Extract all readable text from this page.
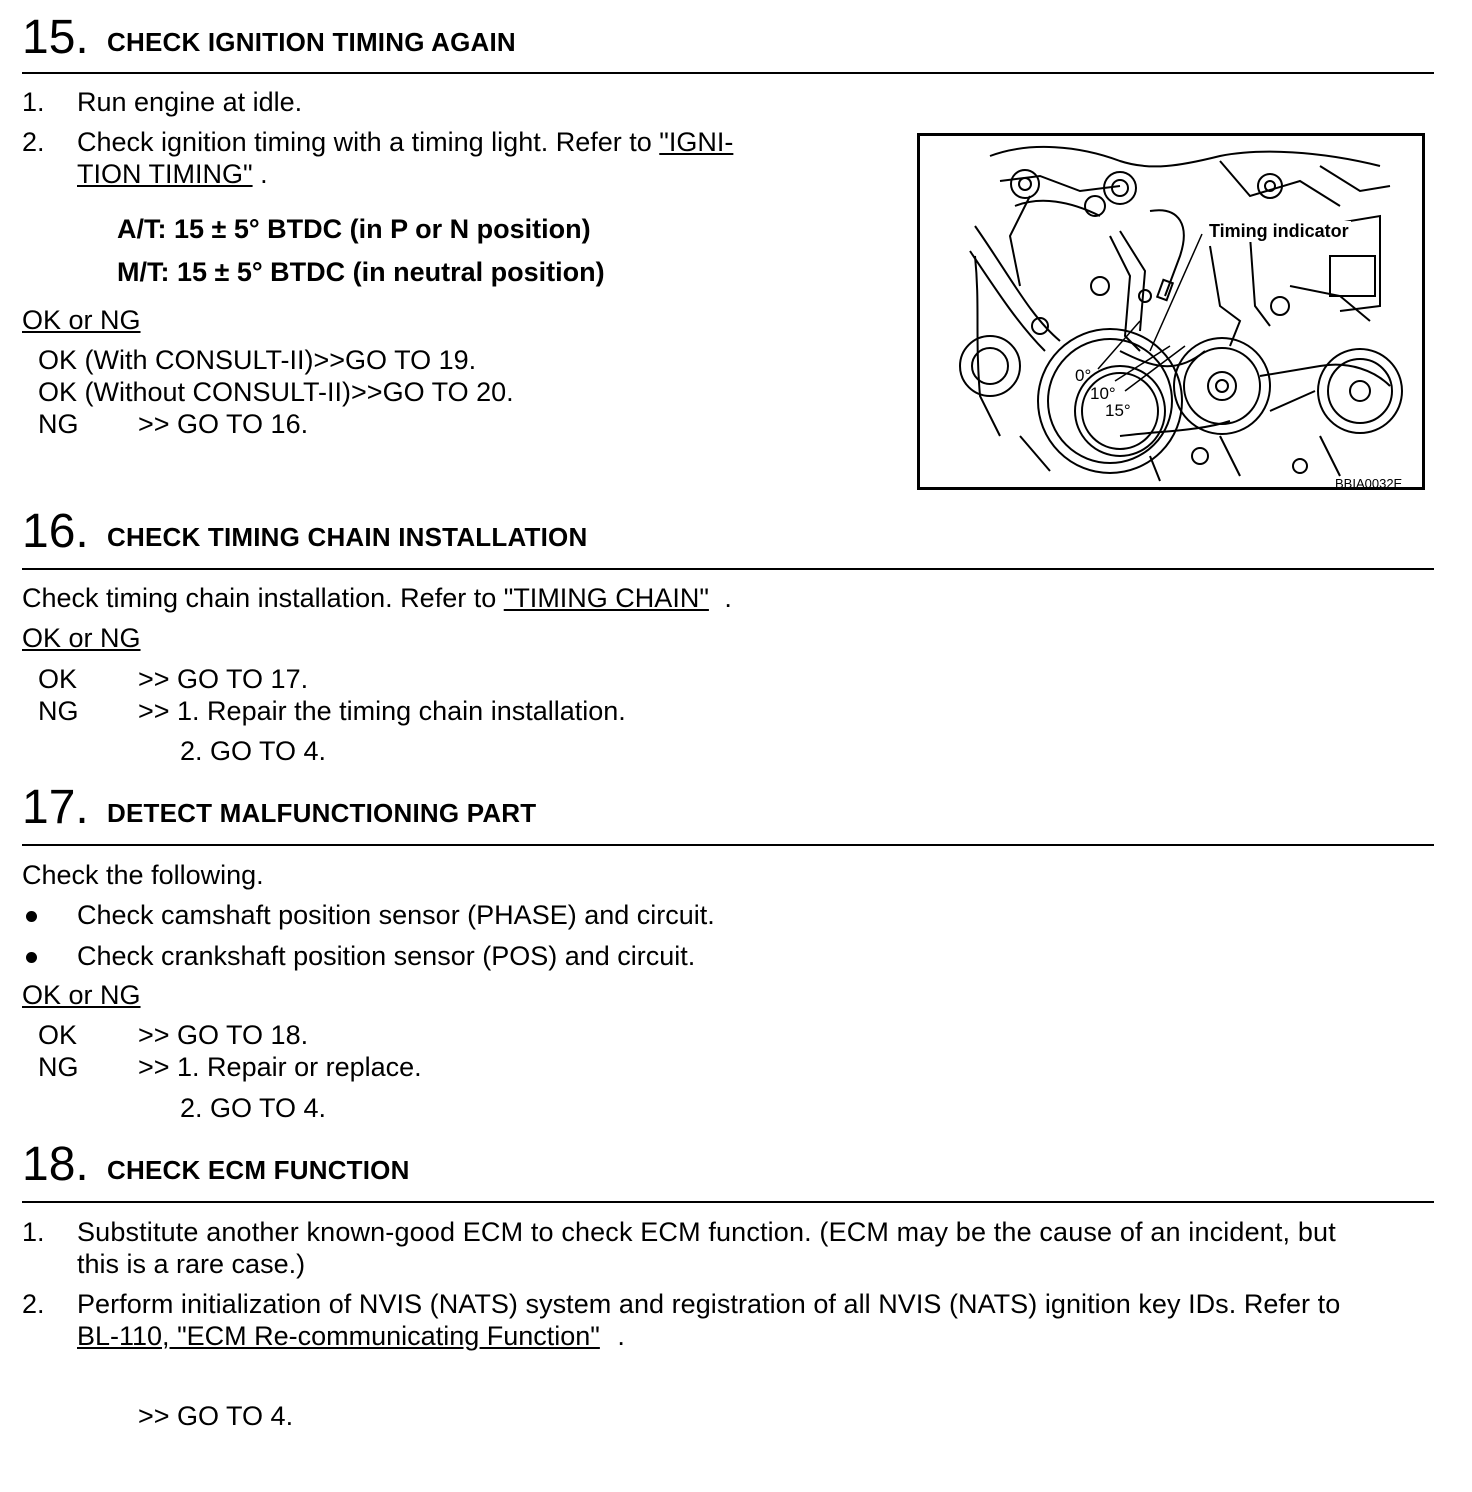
15. CHECK IGNITION TIMING AGAIN
1. Run engine at idle.
2. Check ignition timing with a timing light. Refer to "IGNI-
TION TIMING" .
A/T: 15 ± 5° BTDC (in P or N position)
M/T: 15 ± 5° BTDC (in neutral position)
OK or NG
OK (With CONSULT-II)>>GO TO 19.
OK (Without CONSULT-II)>>GO TO 20.
NG >> GO TO 16.
Timing indicator
0°
10°
15°
BBIA0032E
16. CHECK TIMING CHAIN INSTALLATION
Check timing chain installation. Refer to "TIMING CHAIN" .
OK or NG
OK >> GO TO 17.
NG >> 1. Repair the timing chain installation.
2. GO TO 4.
17. DETECT MALFUNCTIONING PART
Check the following.
Check camshaft position sensor (PHASE) and circuit.
Check crankshaft position sensor (POS) and circuit.
OK or NG
OK >> GO TO 18.
NG >> 1. Repair or replace.
2. GO TO 4.
18. CHECK ECM FUNCTION
1. Substitute another known-good ECM to check ECM function. (ECM may be the cause of an incident, but
this is a rare case.)
2. Perform initialization of NVIS (NATS) system and registration of all NVIS (NATS) ignition key IDs. Refer to
BL-110, "ECM Re-communicating Function" .
>> GO TO 4.
